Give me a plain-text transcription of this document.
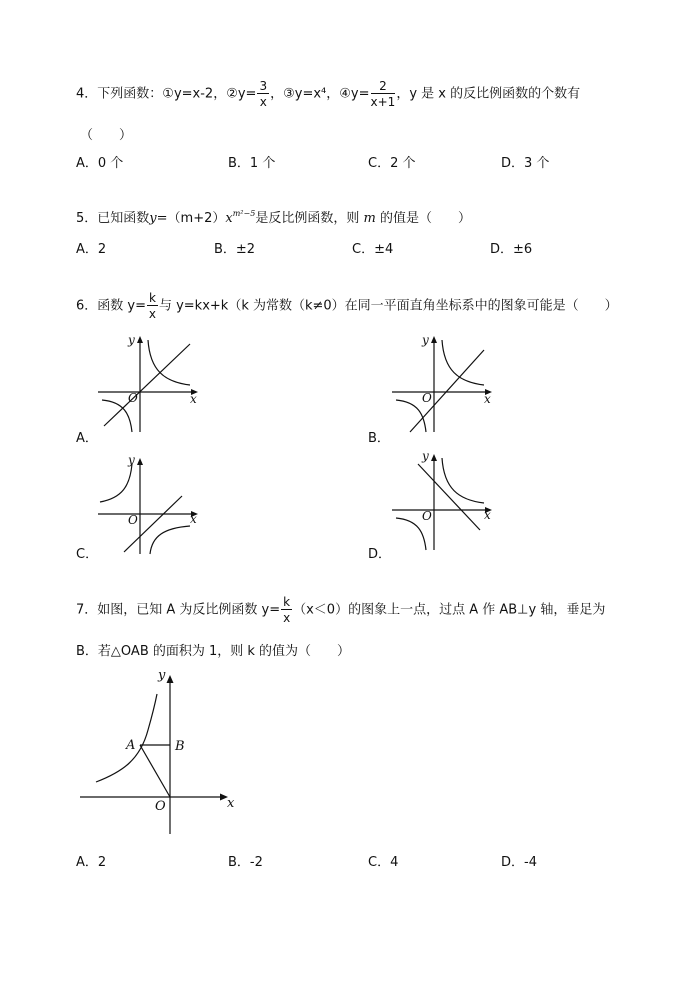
4．下列函数：①y=x-2，②y= $\frac{3}{x}$ ，③y=x⁴，④y= $\frac{2}{x+1}$ ，y 是 x 的反比例函数的个数有
（　　）
A．0 个	B．1 个	C．2 个	D．3 个
5．已知函数$y=(m+2)x^{m^2-5}$是反比例函数，则 m 的值是（　　）
A．2	B．±2	C．±4	D．±6
6．函数 $y= \frac{k}{x}$ 与 y=kx+k（k 为常数（k≠0）在同一平面直角坐标系中的图象可能是（　　）
y
x
O
A．
y
x
O
B．
y
x
O
C．
y
x
O
D．
7．如图，已知 A 为反比例函数 $y= \frac{k}{x} (x<0)$的图象上一点，过点 A 作 AB⊥y 轴，垂足为
B．若△OAB 的面积为 1，则 k 的值为（　　）
A	B
y
x
O
A．2	B．-2	C．4	D．-4
